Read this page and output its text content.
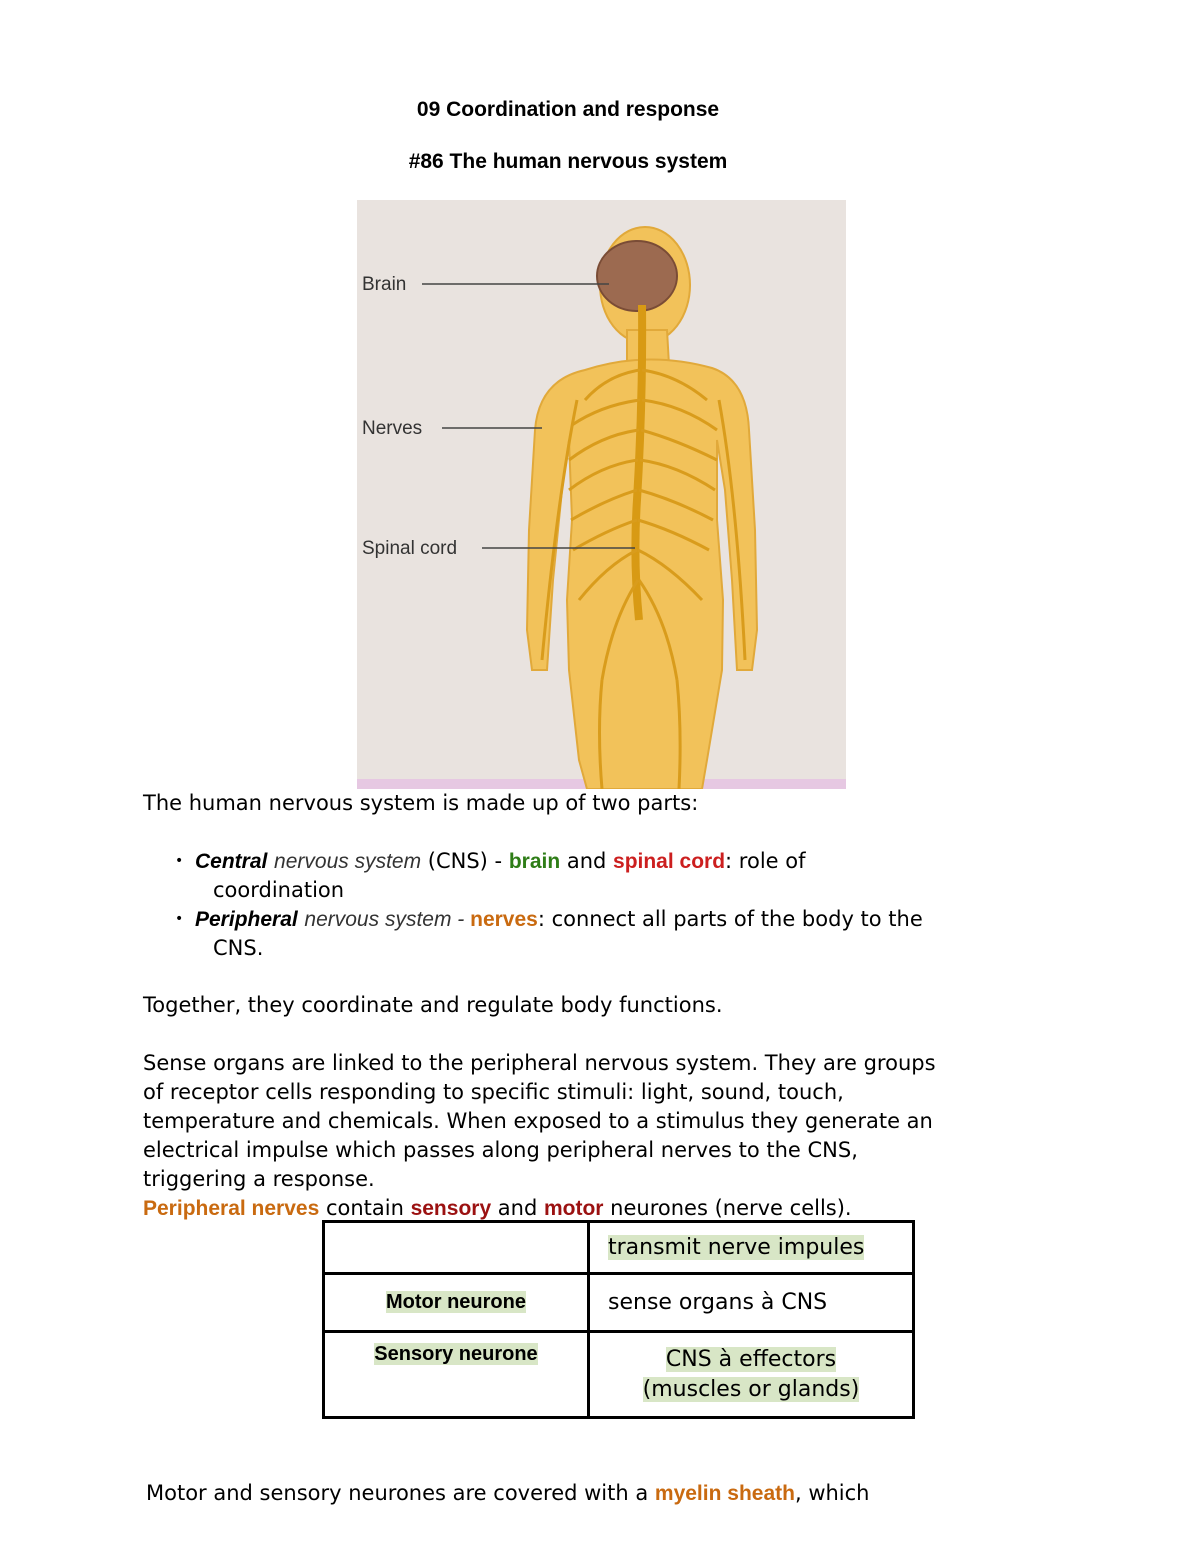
09 Coordination and response
#86 The human nervous system
Brain
Nerves
Spinal cord

The human nervous system is made up of two parts:

• Central nervous system (CNS) - brain and spinal cord: role of
coordination
• Peripheral nervous system - nerves: connect all parts of the body to the
CNS.

Together, they coordinate and regulate body functions.

Sense organs are linked to the peripheral nervous system. They are groups
of receptor cells responding to specific stimuli: light, sound, touch,
temperature and chemicals. When exposed to a stimulus they generate an
electrical impulse which passes along peripheral nerves to the CNS,
triggering a response.
Peripheral nerves contain sensory and motor neurones (nerve cells).
	transmit nerve impules
Motor neurone	sense organs à CNS
Sensory neurone	CNS à effectors
(muscles or glands)

Motor and sensory neurones are covered with a myelin sheath, which
